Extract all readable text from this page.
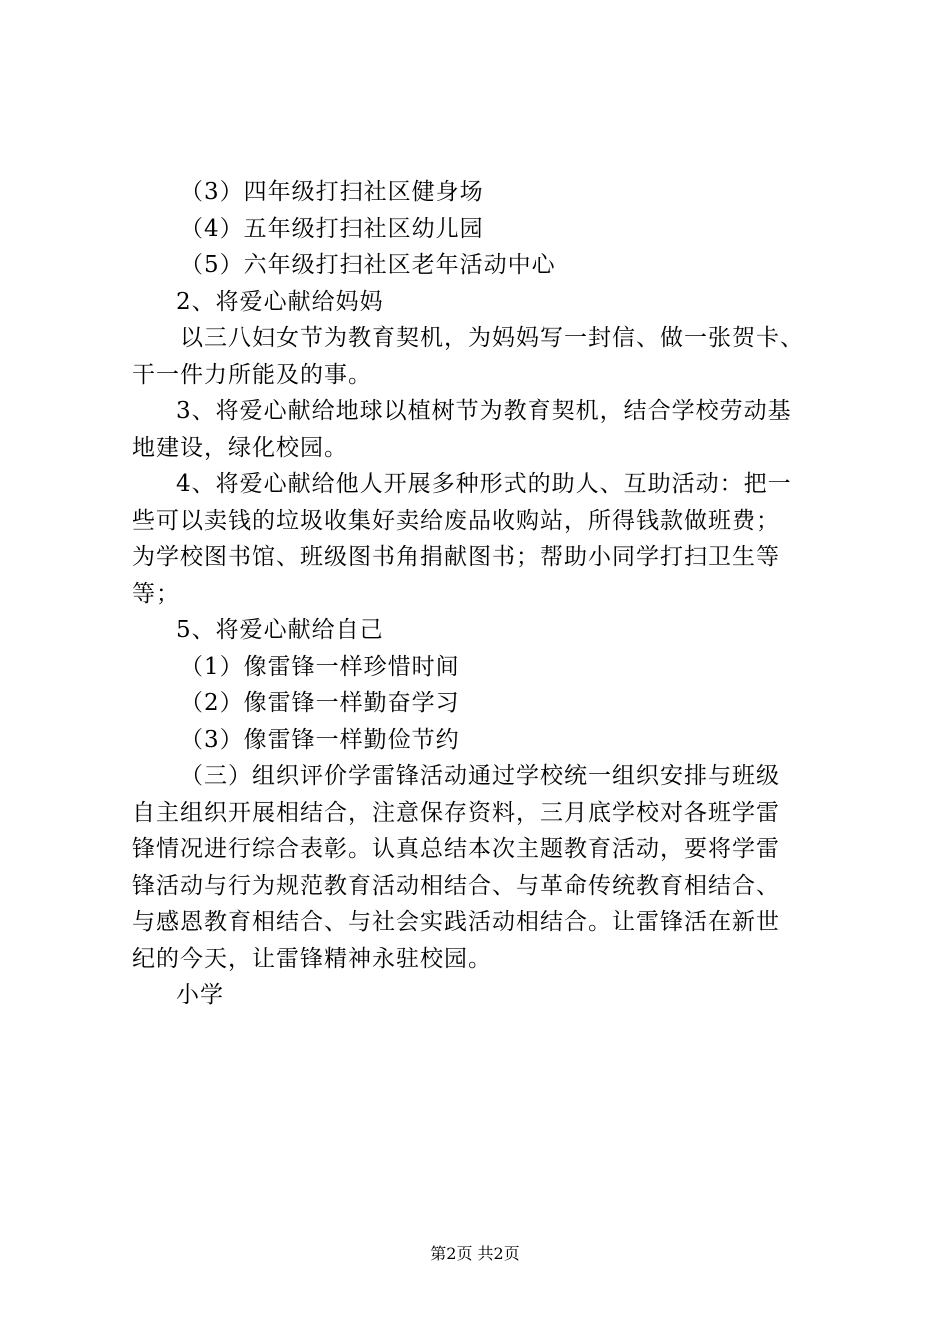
（3）四年级打扫社区健身场
（4）五年级打扫社区幼儿园
（5）六年级打扫社区老年活动中心
2、将爱心献给妈妈
以三八妇女节为教育契机，为妈妈写一封信、做一张贺卡、
干一件力所能及的事。
3、将爱心献给地球以植树节为教育契机，结合学校劳动基
地建设，绿化校园。
4、将爱心献给他人开展多种形式的助人、互助活动：把一
些可以卖钱的垃圾收集好卖给废品收购站，所得钱款做班费；
为学校图书馆、班级图书角捐献图书；帮助小同学打扫卫生等
等；
5、将爱心献给自己
（1）像雷锋一样珍惜时间
（2）像雷锋一样勤奋学习
（3）像雷锋一样勤俭节约
（三）组织评价学雷锋活动通过学校统一组织安排与班级
自主组织开展相结合，注意保存资料，三月底学校对各班学雷
锋情况进行综合表彰。认真总结本次主题教育活动，要将学雷
锋活动与行为规范教育活动相结合、与革命传统教育相结合、
与感恩教育相结合、与社会实践活动相结合。让雷锋活在新世
纪的今天，让雷锋精神永驻校园。
小学
第2页 共2页
